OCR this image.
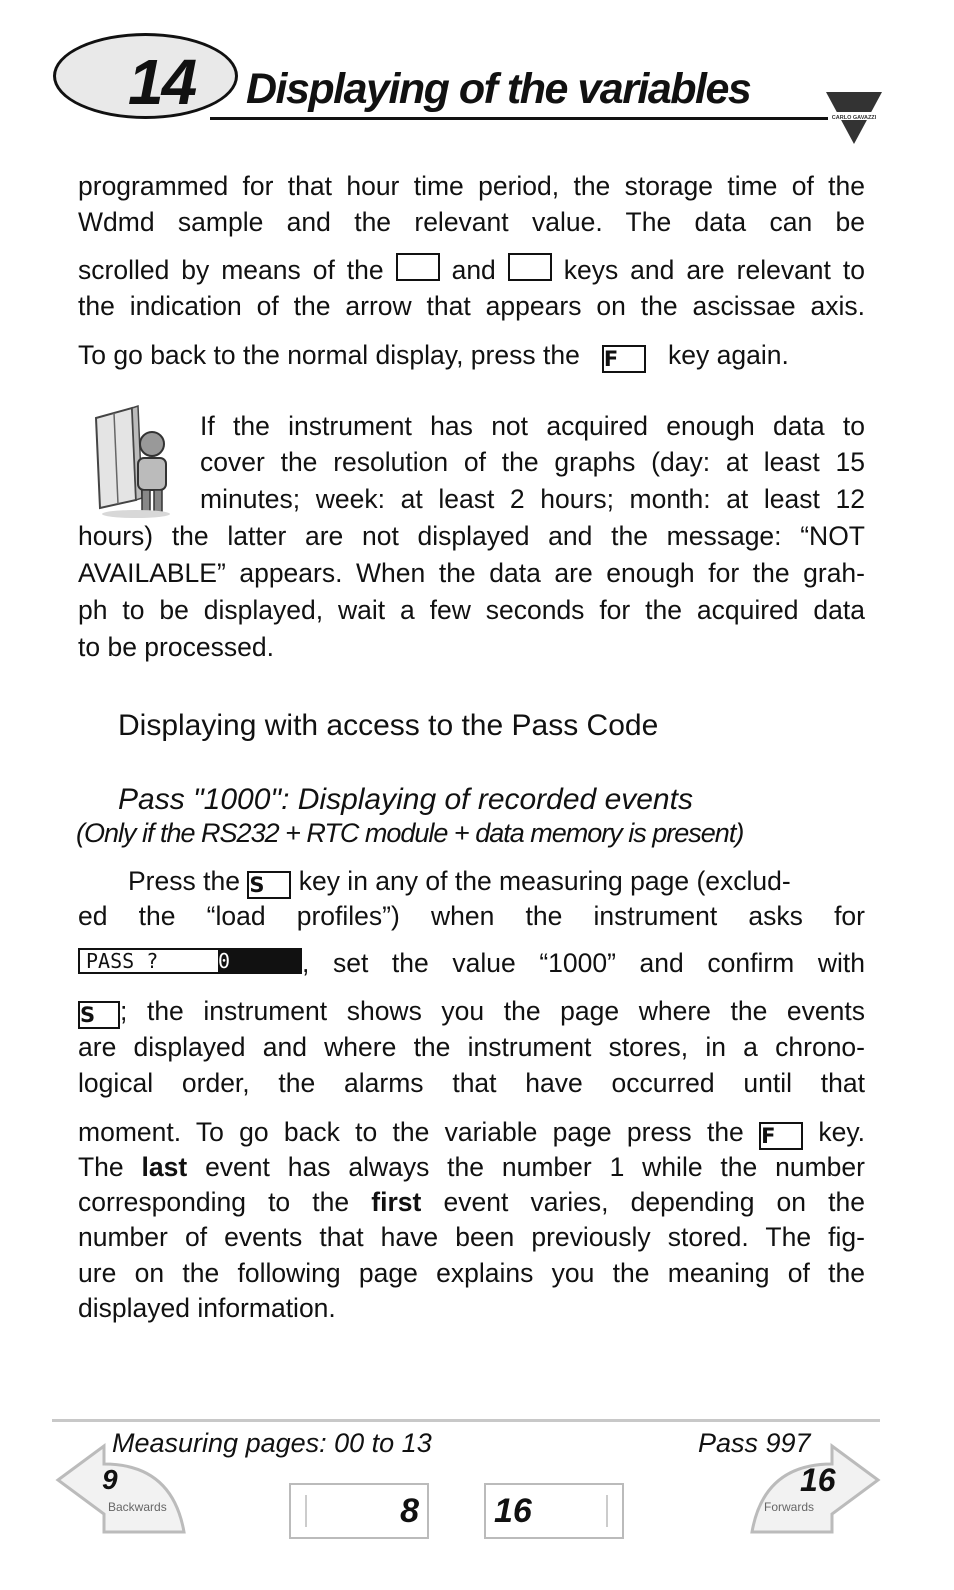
14 Displaying of the variables
CARLO GAVAZZI
programmed for that hour time period, the storage time of the
Wdmd sample and the relevant value. The data can be
scrolled by means of the	and	keys and are relevant to
the indication of the arrow that appears on the ascissae axis.
To go back to the normal display, press the F key again.
If the instrument has not acquired enough data to
cover the resolution of the graphs (day: at least 15
minutes; week: at least 2 hours; month: at least 12
hours) the latter are not displayed and the message: “NOT
AVAILABLE” appears. When the data are enough for the grah-
ph to be displayed, wait a few seconds for the acquired data
to be processed.
Displaying with access to the Pass Code
Pass "1000": Displaying of recorded events
(Only if the RS232 + RTC module + data memory is present)
Press the S key in any of the measuring page (exclud-
ed the “load profiles”) when the instrument asks for
PASS ?	0	, set the value “1000” and confirm with
S ; the instrument shows you the page where the events
are displayed and where the instrument stores, in a chrono-
logical order, the alarms that have occurred until that
moment. To go back to the variable page press the F key.
The last event has always the number 1 while the number
corresponding to the first event varies, depending on the
number of events that have been previously stored. The fig-
ure on the following page explains you the meaning of the
displayed information.
Measuring pages: 00 to 13	Pass 997
9
Backwards	8 16
16
Forwards
